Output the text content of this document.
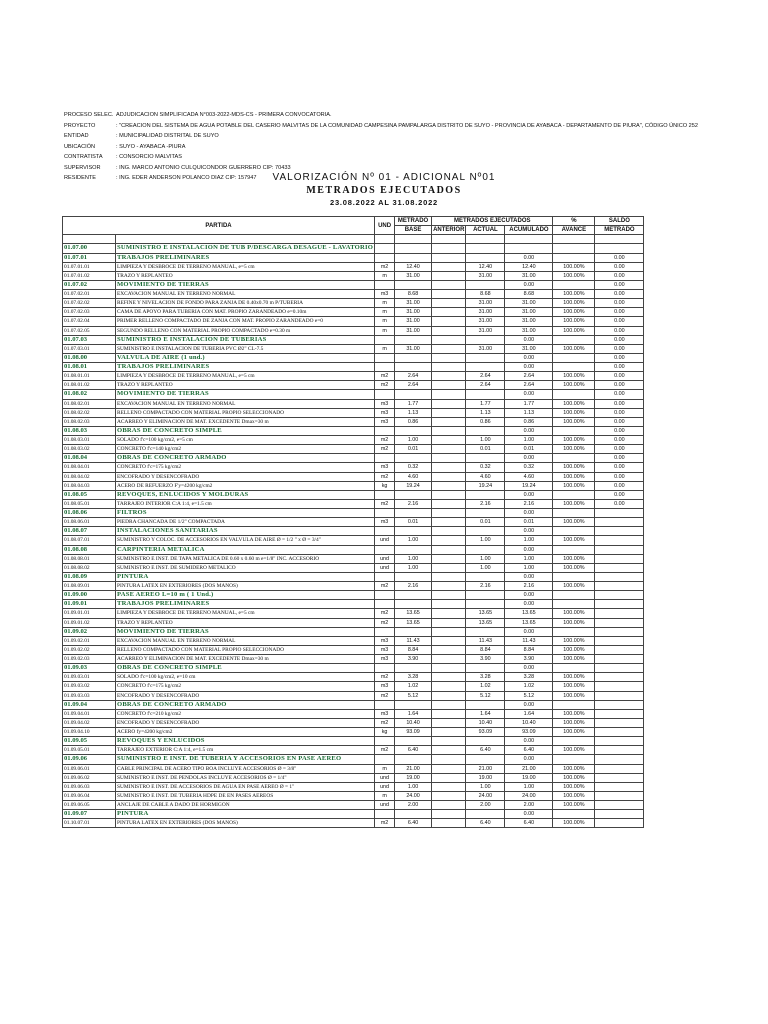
PROCESO SELEC. ADJUDICACION SIMPLIFICADA N°003-2022-MDS-CS - PRIMERA CONVOCATORIA.
PROYECTO	: "CREACION DEL SISTEMA DE AGUA POTABLE DEL CASERIO MALVITAS DE LA COMUNIDAD CAMPESINA PAMPALARGA DISTRITO DE SUYO - PROVINCIA DE AYABACA - DEPARTAMENTO DE PIURA", CÓDIGO ÚNICO 252
ENTIDAD	: MUNICIPALIDAD DISTRITAL DE SUYO
UBICACIÓN	: SUYO - AYABACA -PIURA
CONTRATISTA	: CONSORCIO MALVITAS
SUPERVISOR	: ING. MARCO ANTONIO CULQUICONDOR GUERRERO CIP: 70433
RESIDENTE	: ING. EDER ANDERSON POLANCO DIAZ CIP: 157947	VALORIZACIÓN Nº 01 - ADICIONAL Nº01
METRADOS EJECUTADOS
23.08.2022 AL 31.08.2022
PARTIDA		UND	METRADO	METRADOS EJECUTADOS			%	SALDO
			BASE	ANTERIOR	ACTUAL	ACUMULADO	AVANCE	METRADO

01.07.00	SUMINISTRO E INSTALACION DE TUB P/DESCARGA DESAGUE - LAVATORIO							
01.07.01	TRABAJOS PRELIMINARES					0.00		0.00
01.07.01.01	LIMPIEZA Y DESBROCE DE TERRENO MANUAL, e=5 cm	m2	12.40		12.40	12.40	100.00%	0.00
01.07.01.02	TRAZO Y REPLANTEO	m	31.00		31.00	31.00	100.00%	0.00
01.07.02	MOVIMIENTO DE TIERRAS					0.00		0.00
01.07.02.01	EXCAVACION MANUAL EN TERRENO NORMAL	m3	8.68		8.68	8.68	100.00%	0.00
01.07.02.02	REFINE Y NIVELACION DE FONDO PARA ZANJA DE 0.40x0.70 m P/TUBERIA	m	31.00		31.00	31.00	100.00%	0.00
01.07.02.03	CAMA DE APOYO PARA TUBERIA CON MAT. PROPIO ZARANDEADO e=0.10m	m	31.00		31.00	31.00	100.00%	0.00
01.07.02.04	PRIMER RELLENO COMPACTADO DE ZANJA CON MAT. PROPIO ZARANDEADO e=0	m	31.00		31.00	31.00	100.00%	0.00
01.07.02.05	SEGUNDO RELLENO CON MATERIAL PROPIO COMPACTADO e=0.30 m	m	31.00		31.00	31.00	100.00%	0.00
01.07.03	SUMINISTRO E INSTALACION DE TUBERIAS					0.00		0.00
01.07.03.01	SUMINISTRO E INSTALACION DE TUBERIA PVC Ø2" CL-7.5	m	31.00		31.00	31.00	100.00%	0.00
01.08.00	VALVULA DE AIRE (1 und.)					0.00		0.00
01.08.01	TRABAJOS PRELIMINARES					0.00		0.00
01.08.01.01	LIMPIEZA Y DESBROCE DE TERRENO MANUAL, e=5 cm	m2	2.64		2.64	2.64	100.00%	0.00
01.08.01.02	TRAZO Y REPLANTEO	m2	2.64		2.64	2.64	100.00%	0.00
01.08.02	MOVIMIENTO DE TIERRAS					0.00		0.00
01.08.02.01	EXCAVACION MANUAL EN TERRENO NORMAL	m3	1.77		1.77	1.77	100.00%	0.00
01.08.02.02	RELLENO COMPACTADO CON MATERIAL PROPIO SELECCIONADO	m3	1.13		1.13	1.13	100.00%	0.00
01.08.02.03	ACARREO Y ELIMINACION DE MAT. EXCEDENTE Dmax=30 m	m3	0.86		0.86	0.86	100.00%	0.00
01.08.03	OBRAS DE CONCRETO SIMPLE					0.00		0.00
01.08.03.01	SOLADO f'c=100 kg/cm2, e=5 cm	m2	1.00		1.00	1.00	100.00%	0.00
01.08.03.02	CONCRETO f'c=140 kg/cm2	m2	0.01		0.01	0.01	100.00%	0.00
01.08.04	OBRAS DE CONCRETO ARMADO					0.00		0.00
01.08.04.01	CONCRETO f'c=175 kg/cm2	m3	0.32		0.32	0.32	100.00%	0.00
01.08.04.02	ENCOFRADO Y DESENCOFRADO	m2	4.60		4.60	4.60	100.00%	0.00
01.08.04.03	ACERO DE REFUERZO F'y=4200 kg/cm2	kg	19.24		19.24	19.24	100.00%	0.00
01.08.05	REVOQUES, ENLUCIDOS Y MOLDURAS					0.00		0.00
01.08.05.01	TARRAJEO INTERIOR C:A 1:4, e=1.5 cm	m2	2.16		2.16	2.16	100.00%	0.00
01.08.06	FILTROS					0.00		
01.08.06.01	PIEDRA CHANCADA DE 1/2" COMPACTADA	m3	0.01		0.01	0.01	100.00%	
01.08.07	INSTALACIONES SANITARIAS					0.00		
01.08.07.01	SUMINISTRO Y COLOC. DE ACCESORIOS EN VALVULA DE AIRE Ø = 1/2 " x Ø = 3/4"	und	1.00		1.00	1.00	100.00%	
01.08.08	CARPINTERIA METALICA					0.00		
01.08.08.01	SUMINISTRO E INST. DE TAPA METALICA DE 0.60 x 0.60 m e=1/8" INC. ACCESORIO	und	1.00		1.00	1.00	100.00%	
01.08.08.02	SUMINISTRO E INST. DE SUMIDERO METALICO	und	1.00		1.00	1.00	100.00%	
01.08.09	PINTURA					0.00		
01.08.09.01	PINTURA LATEX EN EXTERIORES (DOS MANOS)	m2	2.16		2.16	2.16	100.00%	
01.09.00	PASE AEREO L=10 m ( 1 Und.)					0.00		
01.09.01	TRABAJOS PRELIMINARES					0.00		
01.09.01.01	LIMPIEZA Y DESBROCE DE TERRENO MANUAL, e=5 cm	m2	13.65		13.65	13.65	100.00%	
01.09.01.02	TRAZO Y REPLANTEO	m2	13.65		13.65	13.65	100.00%	
01.09.02	MOVIMIENTO DE TIERRAS					0.00		
01.09.02.01	EXCAVACION MANUAL EN TERRENO NORMAL	m3	11.43		11.43	11.43	100.00%	
01.09.02.02	RELLENO COMPACTADO CON MATERIAL PROPIO SELECCIONADO	m3	8.84		8.84	8.84	100.00%	
01.09.02.03	ACARREO Y ELIMINACION DE MAT. EXCEDENTE Dmax=30 m	m3	3.90		3.90	3.90	100.00%	
01.09.03	OBRAS DE CONCRETO SIMPLE					0.00		
01.09.03.01	SOLADO f'c=100 kg/cm2, e=10 cm	m2	3.28		3.28	3.28	100.00%	
01.09.03.02	CONCRETO f'c=175 kg/cm2	m3	1.02		1.02	1.02	100.00%	
01.09.03.03	ENCOFRADO Y DESENCOFRADO	m2	5.12		5.12	5.12	100.00%	
01.09.04	OBRAS DE CONCRETO ARMADO					0.00		
01.09.04.01	CONCRETO f'c=210 kg/cm2	m3	1.64		1.64	1.64	100.00%	
01.09.04.02	ENCOFRADO Y DESENCOFRADO	m2	10.40		10.40	10.40	100.00%	
01.09.04.10	ACERO fy=4200 kg/cm2	kg	93.09		93.09	93.09	100.00%	
01.09.05	REVOQUES Y ENLUCIDOS					0.00		
01.09.05.01	TARRAJEO EXTERIOR C:A 1:4, e=1.5 cm	m2	6.40		6.40	6.40	100.00%	
01.09.06	SUMINISTRO E INST. DE TUBERIA Y ACCESORIOS EN PASE AEREO					0.00		
01.09.06.01	CABLE PRINCIPAL DE ACERO TIPO BOA INCLUYE ACCESORIOS Ø = 3/8"	m	21.00		21.00	21.00	100.00%	
01.09.06.02	SUMINISTRO E INST. DE PENDOLAS INCLUYE ACCESORIOS Ø = 1/4"	und	19.00		19.00	19.00	100.00%	
01.09.06.03	SUMINISTRO E INST. DE ACCESORIOS DE AGUA EN PASE AEREO Ø = 1"	und	1.00		1.00	1.00	100.00%	
01.09.06.04	SUMINISTRO E INST. DE TUBERIA HDPE DE EN PASES AEREOS	m	24.00		24.00	24.00	100.00%	
01.09.06.05	ANCLAJE DE CABLE A DADO DE HORMIGON	und	2.00		2.00	2.00	100.00%	
01.09.07	PINTURA					0.00		
01.10.07.01	PINTURA LATEX EN EXTERIORES (DOS MANOS)	m2	6.40		6.40	6.40	100.00%	
